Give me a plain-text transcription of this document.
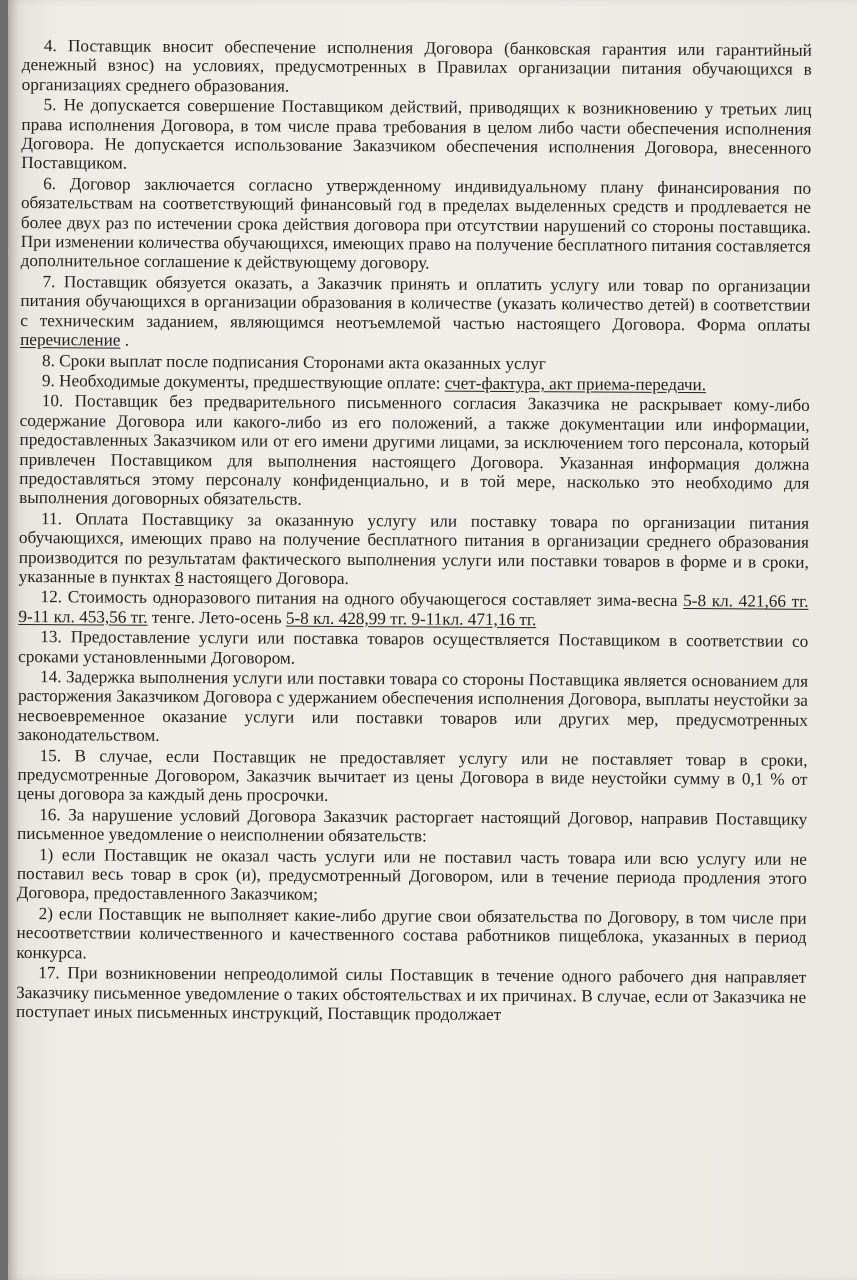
4. Поставщик вносит обеспечение исполнения Договора (банковская гарантия или гарантийный денежный взнос) на условиях, предусмотренных в Правилах организации питания обучающихся в организациях среднего образования.

5. Не допускается совершение Поставщиком действий, приводящих к возникновению у третьих лиц права исполнения Договора, в том числе права требования в целом либо части обеспечения исполнения Договора. Не допускается использование Заказчиком обеспечения исполнения Договора, внесенного Поставщиком.

6. Договор заключается согласно утвержденному индивидуальному плану финансирования по обязательствам на соответствующий финансовый год в пределах выделенных средств и продлевается не более двух раз по истечении срока действия договора при отсутствии нарушений со стороны поставщика. При изменении количества обучающихся, имеющих право на получение бесплатного питания составляется дополнительное соглашение к действующему договору.

7. Поставщик обязуется оказать, а Заказчик принять и оплатить услугу или товар по организации питания обучающихся в организации образования в количестве (указать количество детей) в соответствии с техническим заданием, являющимся неотъемлемой частью настоящего Договора. Форма оплаты перечисление .

8. Сроки выплат после подписания Сторонами акта оказанных услуг

9. Необходимые документы, предшествующие оплате: счет-фактура, акт приема-передачи.

10. Поставщик без предварительного письменного согласия Заказчика не раскрывает кому-либо содержание Договора или какого-либо из его положений, а также документации или информации, предоставленных Заказчиком или от его имени другими лицами, за исключением того персонала, который привлечен Поставщиком для выполнения настоящего Договора. Указанная информация должна предоставляться этому персоналу конфиденциально, и в той мере, насколько это необходимо для выполнения договорных обязательств.

11. Оплата Поставщику за оказанную услугу или поставку товара по организации питания обучающихся, имеющих право на получение бесплатного питания в организации среднего образования производится по результатам фактического выполнения услуги или поставки товаров в форме и в сроки, указанные в пунктах 8 настоящего Договора.

12. Стоимость одноразового питания на одного обучающегося составляет зима-весна 5-8 кл. 421,66 тг. 9-11 кл. 453,56 тг. тенге. Лето-осень 5-8 кл. 428,99 тг. 9-11кл. 471,16 тг.

13. Предоставление услуги или поставка товаров осуществляется Поставщиком в соответствии со сроками установленными Договором.

14. Задержка выполнения услуги или поставки товара со стороны Поставщика является основанием для расторжения Заказчиком Договора с удержанием обеспечения исполнения Договора, выплаты неустойки за несвоевременное оказание услуги или поставки товаров или других мер, предусмотренных законодательством.

15. В случае, если Поставщик не предоставляет услугу или не поставляет товар в сроки, предусмотренные Договором, Заказчик вычитает из цены Договора в виде неустойки сумму в 0,1 % от цены договора за каждый день просрочки.

16. За нарушение условий Договора Заказчик расторгает настоящий Договор, направив Поставщику письменное уведомление о неисполнении обязательств:

1) если Поставщик не оказал часть услуги или не поставил часть товара или всю услугу или не поставил весь товар в срок (и), предусмотренный Договором, или в течение периода продления этого Договора, предоставленного Заказчиком;

2) если Поставщик не выполняет какие-либо другие свои обязательства по Договору, в том числе при несоответствии количественного и качественного состава работников пищеблока, указанных в период конкурса.

17. При возникновении непреодолимой силы Поставщик в течение одного рабочего дня направляет Заказчику письменное уведомление о таких обстоятельствах и их причинах. В случае, если от Заказчика не поступает иных письменных инструкций, Поставщик продолжает
